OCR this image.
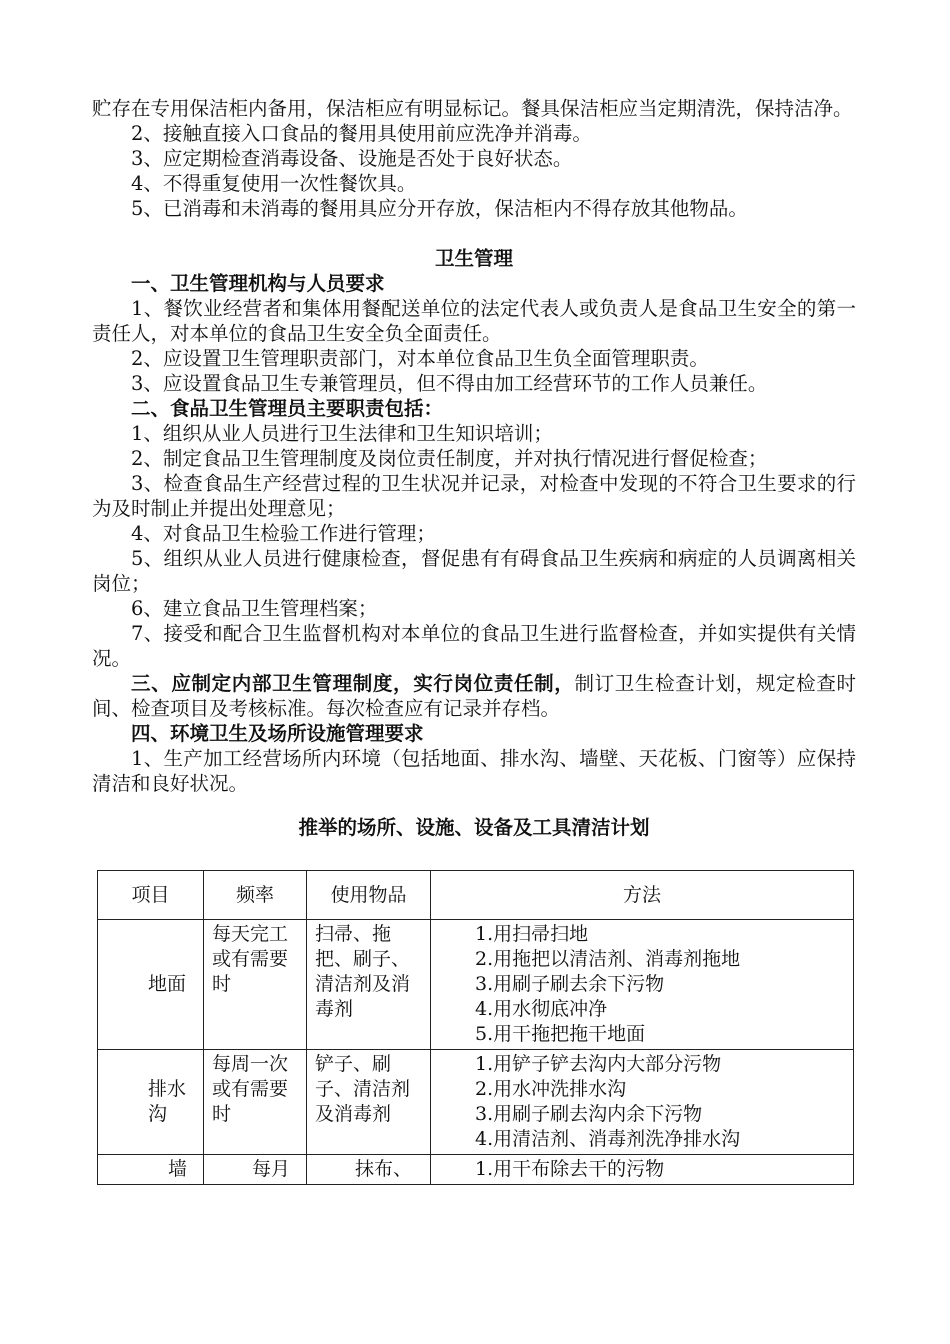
贮存在专用保洁柜内备用，保洁柜应有明显标记。餐具保洁柜应当定期清洗，保持洁净。

2、接触直接入口食品的餐用具使用前应洗净并消毒。

3、应定期检查消毒设备、设施是否处于良好状态。

4、不得重复使用一次性餐饮具。

5、已消毒和未消毒的餐用具应分开存放，保洁柜内不得存放其他物品。

卫生管理

一、卫生管理机构与人员要求

1、餐饮业经营者和集体用餐配送单位的法定代表人或负责人是食品卫生安全的第一责任人，对本单位的食品卫生安全负全面责任。

2、应设置卫生管理职责部门，对本单位食品卫生负全面管理职责。

3、应设置食品卫生专兼管理员，但不得由加工经营环节的工作人员兼任。

二、食品卫生管理员主要职责包括：

1、组织从业人员进行卫生法律和卫生知识培训；

2、制定食品卫生管理制度及岗位责任制度，并对执行情况进行督促检查；

3、检查食品生产经营过程的卫生状况并记录，对检查中发现的不符合卫生要求的行为及时制止并提出处理意见；

4、对食品卫生检验工作进行管理；

5、组织从业人员进行健康检查，督促患有有碍食品卫生疾病和病症的人员调离相关岗位；

6、建立食品卫生管理档案；

7、接受和配合卫生监督机构对本单位的食品卫生进行监督检查，并如实提供有关情况。

三、应制定内部卫生管理制度，实行岗位责任制，制订卫生检查计划，规定检查时间、检查项目及考核标准。每次检查应有记录并存档。

四、环境卫生及场所设施管理要求

1、生产加工经营场所内环境（包括地面、排水沟、墙壁、天花板、门窗等）应保持清洁和良好状况。

推举的场所、设施、设备及工具清洁计划

项目	频率	使用物品	方法
地面	每天完工或有需要时	扫帚、拖把、刷子、清洁剂及消毒剂	1.用扫帚扫地
2.用拖把以清洁剂、消毒剂拖地
3.用刷子刷去余下污物
4.用水彻底冲净
5.用干拖把拖干地面

排水沟	每周一次或有需要时	铲子、刷子、清洁剂及消毒剂	1.用铲子铲去沟内大部分污物
2.用水冲洗排水沟
3.用刷子刷去沟内余下污物
4.用清洁剂、消毒剂洗净排水沟

墙	每月	抹布、	1.用干布除去干的污物
